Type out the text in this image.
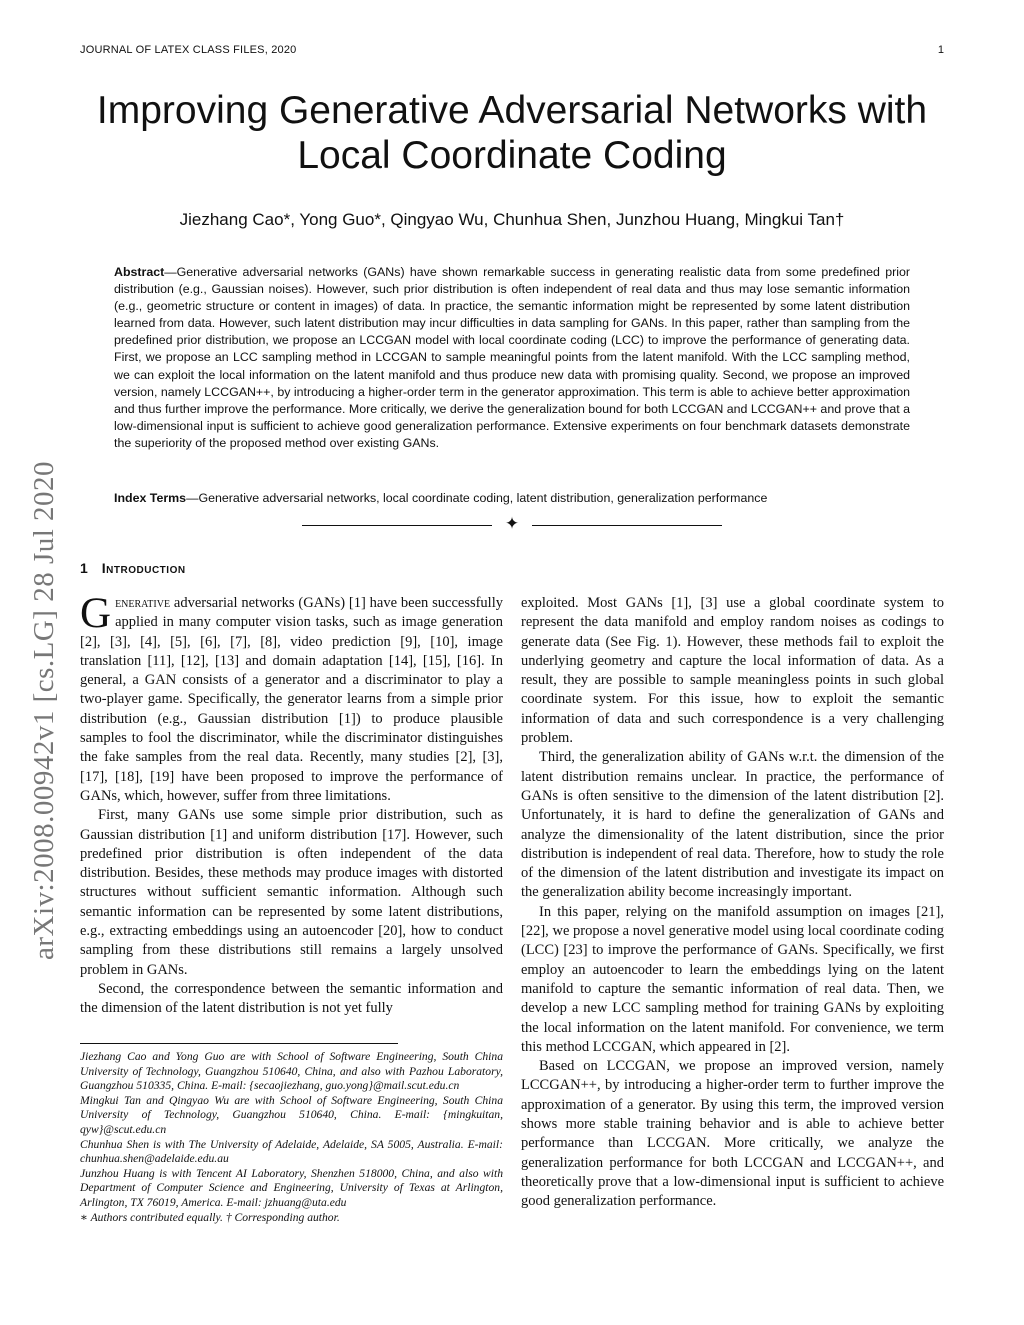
JOURNAL OF LATEX CLASS FILES, 2020	1
Improving Generative Adversarial Networks with Local Coordinate Coding
Jiezhang Cao*, Yong Guo*, Qingyao Wu, Chunhua Shen, Junzhou Huang, Mingkui Tan†
Abstract—Generative adversarial networks (GANs) have shown remarkable success in generating realistic data from some predefined prior distribution (e.g., Gaussian noises). However, such prior distribution is often independent of real data and thus may lose semantic information (e.g., geometric structure or content in images) of data. In practice, the semantic information might be represented by some latent distribution learned from data. However, such latent distribution may incur difficulties in data sampling for GANs. In this paper, rather than sampling from the predefined prior distribution, we propose an LCCGAN model with local coordinate coding (LCC) to improve the performance of generating data. First, we propose an LCC sampling method in LCCGAN to sample meaningful points from the latent manifold. With the LCC sampling method, we can exploit the local information on the latent manifold and thus produce new data with promising quality. Second, we propose an improved version, namely LCCGAN++, by introducing a higher-order term in the generator approximation. This term is able to achieve better approximation and thus further improve the performance. More critically, we derive the generalization bound for both LCCGAN and LCCGAN++ and prove that a low-dimensional input is sufficient to achieve good generalization performance. Extensive experiments on four benchmark datasets demonstrate the superiority of the proposed method over existing GANs.
Index Terms—Generative adversarial networks, local coordinate coding, latent distribution, generalization performance
✦
arXiv:2008.00942v1 [cs.LG] 28 Jul 2020 1 Introduction

Generative adversarial networks (GANs) [1] have been successfully applied in many computer vision tasks, such as image generation [2], [3], [4], [5], [6], [7], [8], video prediction [9], [10], image translation [11], [12], [13] and domain adaptation [14], [15], [16]. In general, a GAN consists of a generator and a discriminator to play a two-player game. Specifically, the generator learns from a simple prior distribution (e.g., Gaussian distribution [1]) to produce plausible samples to fool the discriminator, while the discriminator distinguishes the fake samples from the real data. Recently, many studies [2], [3], [17], [18], [19] have been proposed to improve the performance of GANs, which, however, suffer from three limitations.

First, many GANs use some simple prior distribution, such as Gaussian distribution [1] and uniform distribution [17]. However, such predefined prior distribution is often independent of the data distribution. Besides, these methods may produce images with distorted structures without sufficient semantic information. Although such semantic information can be represented by some latent distributions, e.g., extracting embeddings using an autoencoder [20], how to conduct sampling from these distributions still remains a largely unsolved problem in GANs.

Second, the correspondence between the semantic information and the dimension of the latent distribution is not yet fully

Jiezhang Cao and Yong Guo are with School of Software Engineering, South China University of Technology, Guangzhou 510640, China, and also with Pazhou Laboratory, Guangzhou 510335, China. E-mail: {secaojiezhang, guo.yong}@mail.scut.edu.cn

Mingkui Tan and Qingyao Wu are with School of Software Engineering, South China University of Technology, Guangzhou 510640, China. E-mail: {mingkuitan, qyw}@scut.edu.cn

Chunhua Shen is with The University of Adelaide, Adelaide, SA 5005, Australia. E-mail: chunhua.shen@adelaide.edu.au

Junzhou Huang is with Tencent AI Laboratory, Shenzhen 518000, China, and also with Department of Computer Science and Engineering, University of Texas at Arlington, Arlington, TX 76019, America. E-mail: jzhuang@uta.edu

∗ Authors contributed equally. † Corresponding author.

exploited. Most GANs [1], [3] use a global coordinate system to represent the data manifold and employ random noises as codings to generate data (See Fig. 1). However, these methods fail to exploit the underlying geometry and capture the local information of data. As a result, they are possible to sample meaningless points in such global coordinate system. For this issue, how to exploit the semantic information of data and such correspondence is a very challenging problem.

Third, the generalization ability of GANs w.r.t. the dimension of the latent distribution remains unclear. In practice, the performance of GANs is often sensitive to the dimension of the latent distribution [2]. Unfortunately, it is hard to define the generalization of GANs and analyze the dimensionality of the latent distribution, since the prior distribution is independent of real data. Therefore, how to study the role of the dimension of the latent distribution and investigate its impact on the generalization ability become increasingly important.

In this paper, relying on the manifold assumption on images [21], [22], we propose a novel generative model using local coordinate coding (LCC) [23] to improve the performance of GANs. Specifically, we first employ an autoencoder to learn the embeddings lying on the latent manifold to capture the semantic information of real data. Then, we develop a new LCC sampling method for training GANs by exploiting the local information on the latent manifold. For convenience, we term this method LCCGAN, which appeared in [2].

Based on LCCGAN, we propose an improved version, namely LCCGAN++, by introducing a higher-order term to further improve the approximation of a generator. By using this term, the improved version shows more stable training behavior and is able to achieve better performance than LCCGAN. More critically, we analyze the generalization performance for both LCCGAN and LCCGAN++, and theoretically prove that a low-dimensional input is sufficient to achieve good generalization performance.
